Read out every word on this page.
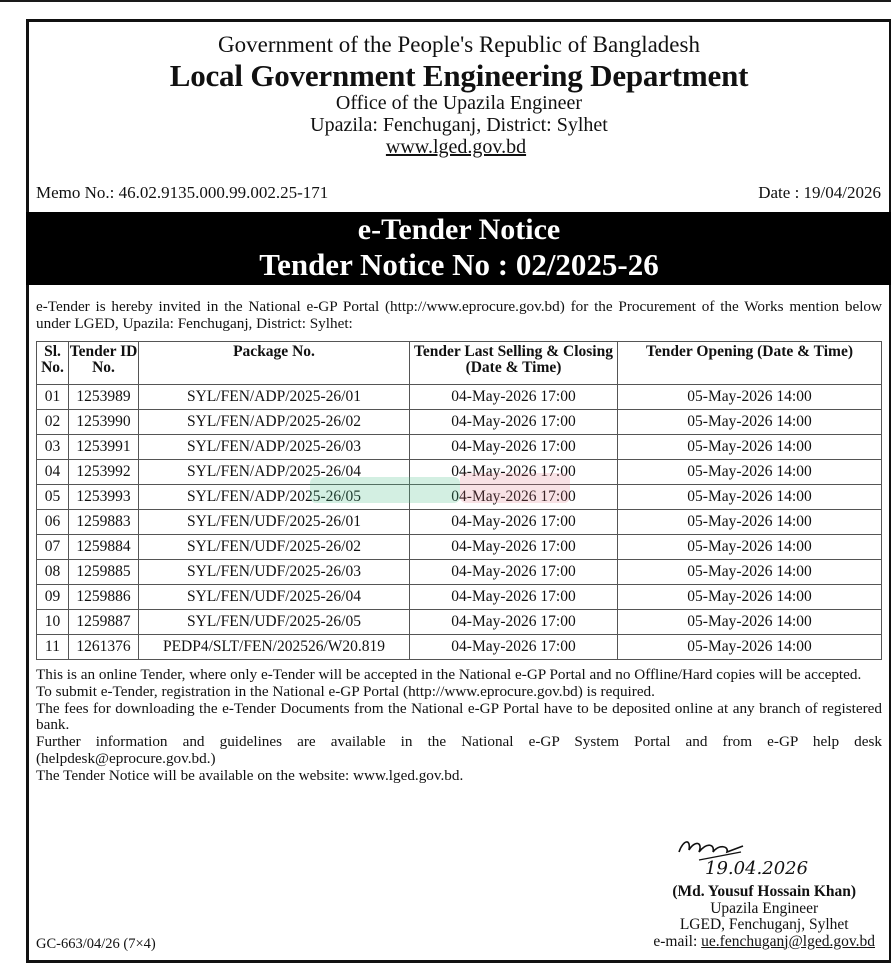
Government of the People's Republic of Bangladesh
Local Government Engineering Department
Office of the Upazila Engineer
Upazila: Fenchuganj, District: Sylhet
www.lged.gov.bd
Memo No.: 46.02.9135.000.99.002.25-171	Date : 19/04/2026
e-Tender Notice
Tender Notice No : 02/2025-26
e-Tender is hereby invited in the National e-GP Portal (http://www.eprocure.gov.bd) for the Procurement of the Works mention below under LGED, Upazila: Fenchuganj, District: Sylhet:
Sl. No.	Tender ID No.	Package No.	Tender Last Selling & Closing (Date & Time)	Tender Opening (Date & Time)
01	1253989	SYL/FEN/ADP/2025-26/01	04-May-2026 17:00	05-May-2026 14:00
02	1253990	SYL/FEN/ADP/2025-26/02	04-May-2026 17:00	05-May-2026 14:00
03	1253991	SYL/FEN/ADP/2025-26/03	04-May-2026 17:00	05-May-2026 14:00
04	1253992	SYL/FEN/ADP/2025-26/04	04-May-2026 17:00	05-May-2026 14:00
05	1253993	SYL/FEN/ADP/2025-26/05	04-May-2026 17:00	05-May-2026 14:00
06	1259883	SYL/FEN/UDF/2025-26/01	04-May-2026 17:00	05-May-2026 14:00
07	1259884	SYL/FEN/UDF/2025-26/02	04-May-2026 17:00	05-May-2026 14:00
08	1259885	SYL/FEN/UDF/2025-26/03	04-May-2026 17:00	05-May-2026 14:00
09	1259886	SYL/FEN/UDF/2025-26/04	04-May-2026 17:00	05-May-2026 14:00
10	1259887	SYL/FEN/UDF/2025-26/05	04-May-2026 17:00	05-May-2026 14:00
11	1261376	PEDP4/SLT/FEN/202526/W20.819	04-May-2026 17:00	05-May-2026 14:00

This is an online Tender, where only e-Tender will be accepted in the National e-GP Portal and no Offline/Hard copies will be accepted.

To submit e-Tender, registration in the National e-GP Portal (http://www.eprocure.gov.bd) is required.

The fees for downloading the e-Tender Documents from the National e-GP Portal have to be deposited online at any branch of registered bank.

Further information and guidelines are available in the National e-GP System Portal and from e-GP help desk (helpdesk@eprocure.gov.bd.)

The Tender Notice will be available on the website: www.lged.gov.bd.

19.04.2026
(Md. Yousuf Hossain Khan)
Upazila Engineer
LGED, Fenchuganj, Sylhet
e-mail: ue.fenchuganj@lged.gov.bd
GC-663/04/26 (7×4)
